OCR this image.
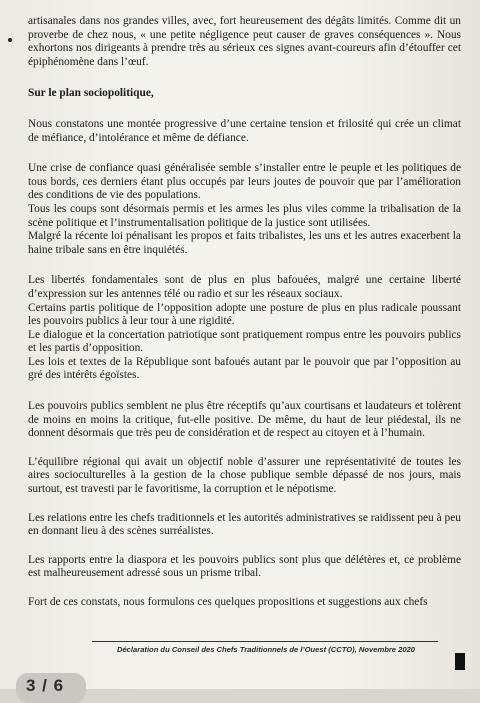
artisanales dans nos grandes villes, avec, fort heureusement des dégâts limités. Comme dit un proverbe de chez nous, « une petite négligence peut causer de graves conséquences ». Nous exhortons nos dirigeants à prendre très au sérieux ces signes avant-coureurs afin d’étouffer cet épiphénomène dans l’œuf.

Sur le plan sociopolitique,

Nous constatons une montée progressive d’une certaine tension et frilosité qui crée un climat de méfiance, d’intolérance et même de défiance.

Une crise de confiance quasi généralisée semble s’installer entre le peuple et les politiques de tous bords, ces derniers étant plus occupés par leurs joutes de pouvoir que par l’amélioration des conditions de vie des populations.

Tous les coups sont désormais permis et les armes les plus viles comme la tribalisation de la scène politique et l’instrumentalisation politique de la justice sont utilisées.

Malgré la récente loi pénalisant les propos et faits tribalistes, les uns et les autres exacerbent la haine tribale sans en être inquiétés.

Les libertés fondamentales sont de plus en plus bafouées, malgré une certaine liberté d’expression sur les antennes télé ou radio et sur les réseaux sociaux.

Certains partis politique de l’opposition adopte une posture de plus en plus radicale poussant les pouvoirs publics à leur tour à une rigidité.

Le dialogue et la concertation patriotique sont pratiquement rompus entre les pouvoirs publics et les partis d’opposition.

Les lois et textes de la République sont bafoués autant par le pouvoir que par l’opposition au gré des intérêts égoïstes.

Les pouvoirs publics semblent ne plus être réceptifs qu’aux courtisans et laudateurs et tolèrent de moins en moins la critique, fut-elle positive. De même, du haut de leur piédestal, ils ne donnent désormais que très peu de considération et de respect au citoyen et à l’humain.

L’équilibre régional qui avait un objectif noble d’assurer une représentativité de toutes les aires socioculturelles à la gestion de la chose publique semble dépassé de nos jours, mais surtout, est travesti par le favoritisme, la corruption et le népotisme.

Les relations entre les chefs traditionnels et les autorités administratives se raidissent peu à peu en donnant lieu à des scènes surréalistes.

Les rapports entre la diaspora et les pouvoirs publics sont plus que délétères et, ce problème est malheureusement adressé sous un prisme tribal.

Fort de ces constats, nous formulons ces quelques propositions et suggestions aux chefs

Déclaration du Conseil des Chefs Traditionnels de l’Ouest (CCTO), Novembre 2020
3 / 6
